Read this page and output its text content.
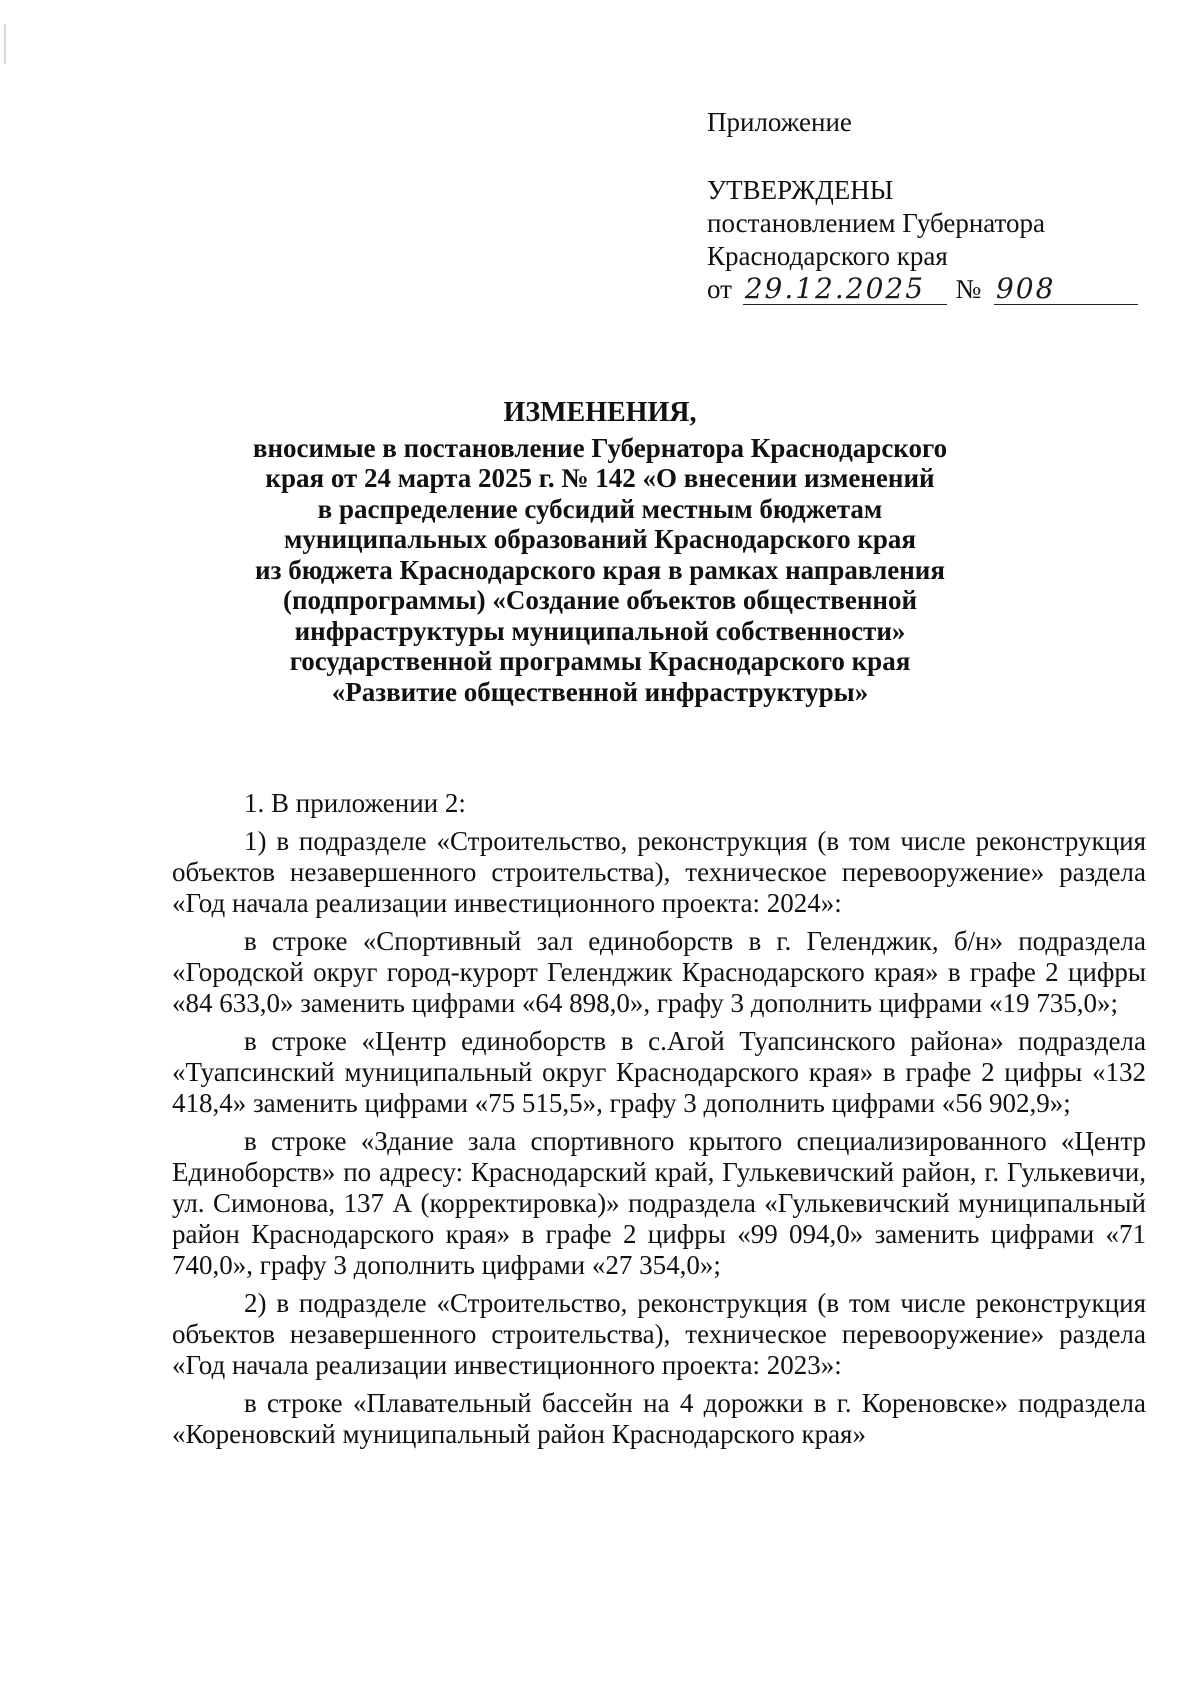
Приложение
УТВЕРЖДЕНЫ
постановлением Губернатора
Краснодарского края
от 29.12.2025 № 908
ИЗМЕНЕНИЯ,
вносимые в постановление Губернатора Краснодарского
края от 24 марта 2025 г. № 142 «О внесении изменений
в распределение субсидий местным бюджетам
муниципальных образований Краснодарского края
из бюджета Краснодарского края в рамках направления
(подпрограммы) «Создание объектов общественной
инфраструктуры муниципальной собственности»
государственной программы Краснодарского края
«Развитие общественной инфраструктуры»

1. В приложении 2:

1) в подразделе «Строительство, реконструкция (в том числе реконструкция объектов незавершенного строительства), техническое перевооружение» раздела «Год начала реализации инвестиционного проекта: 2024»:

в строке «Спортивный зал единоборств в г. Геленджик, б/н» подраздела «Городской округ город-курорт Геленджик Краснодарского края» в графе 2 цифры «84 633,0» заменить цифрами «64 898,0», графу 3 дополнить цифрами «19 735,0»;

в строке «Центр единоборств в с.Агой Туапсинского района» подраздела «Туапсинский муниципальный округ Краснодарского края» в графе 2 цифры «132 418,4» заменить цифрами «75 515,5», графу 3 дополнить цифрами «56 902,9»;

в строке «Здание зала спортивного крытого специализированного «Центр Единоборств» по адресу: Краснодарский край, Гулькевичский район, г. Гулькевичи, ул. Симонова, 137 А (корректировка)» подраздела «Гулькевичский муниципальный район Краснодарского края» в графе 2 цифры «99 094,0» заменить цифрами «71 740,0», графу 3 дополнить цифрами «27 354,0»;

2) в подразделе «Строительство, реконструкция (в том числе реконструкция объектов незавершенного строительства), техническое перевооружение» раздела «Год начала реализации инвестиционного проекта: 2023»:

в строке «Плавательный бассейн на 4 дорожки в г. Кореновске» подраздела «Кореновский муниципальный район Краснодарского края»
